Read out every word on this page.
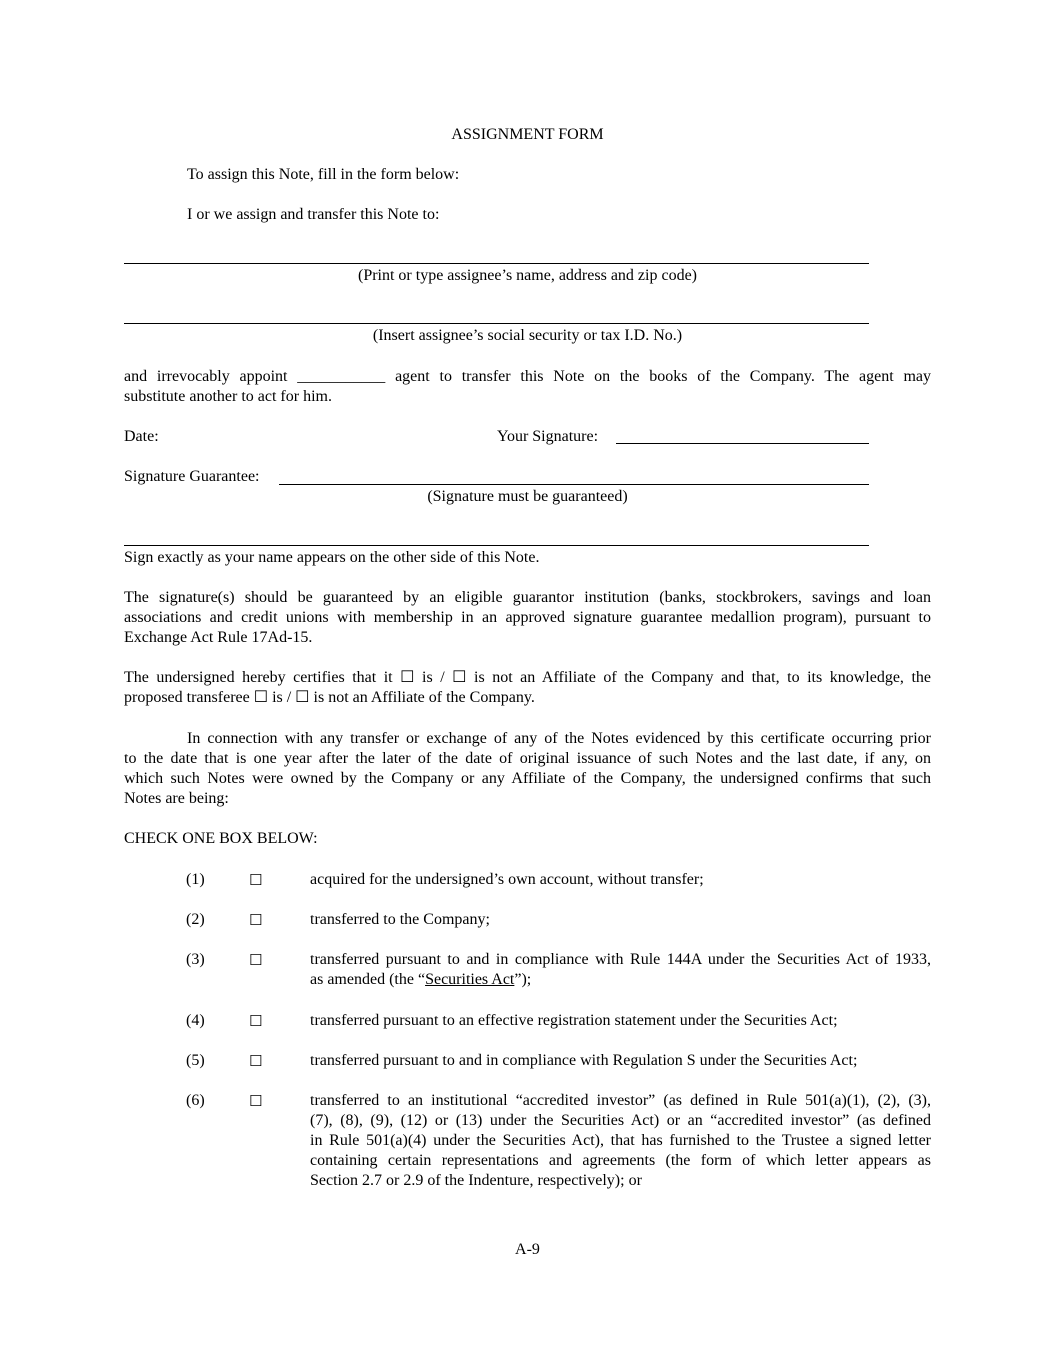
ASSIGNMENT FORM
To assign this Note, fill in the form below:
I or we assign and transfer this Note to:
(Print or type assignee’s name, address and zip code)
(Insert assignee’s social security or tax I.D. No.)
and irrevocably appoint ___________ agent to transfer this Note on the books of the Company. The agent may
substitute another to act for him.
Date:	Your Signature:
Signature Guarantee:
(Signature must be guaranteed)
Sign exactly as your name appears on the other side of this Note.
The signature(s) should be guaranteed by an eligible guarantor institution (banks, stockbrokers, savings and loan
associations and credit unions with membership in an approved signature guarantee medallion program), pursuant to
Exchange Act Rule 17Ad-15.
The undersigned hereby certifies that it ☐ is / ☐ is not an Affiliate of the Company and that, to its knowledge, the
proposed transferee ☐ is / ☐ is not an Affiliate of the Company.
In connection with any transfer or exchange of any of the Notes evidenced by this certificate occurring prior
to the date that is one year after the later of the date of original issuance of such Notes and the last date, if any, on
which such Notes were owned by the Company or any Affiliate of the Company, the undersigned confirms that such
Notes are being:
CHECK ONE BOX BELOW:
(1)	☐	acquired for the undersigned’s own account, without transfer;
(2)	☐	transferred to the Company;
(3)	☐	transferred pursuant to and in compliance with Rule 144A under the Securities Act of 1933,
as amended (the “Securities Act”);
(4)	☐	transferred pursuant to an effective registration statement under the Securities Act;
(5)	☐	transferred pursuant to and in compliance with Regulation S under the Securities Act;
(6)	☐	transferred to an institutional “accredited investor” (as defined in Rule 501(a)(1), (2), (3),
(7), (8), (9), (12) or (13) under the Securities Act) or an “accredited investor” (as defined
in Rule 501(a)(4) under the Securities Act), that has furnished to the Trustee a signed letter
containing certain representations and agreements (the form of which letter appears as
Section 2.7 or 2.9 of the Indenture, respectively); or
A-9
